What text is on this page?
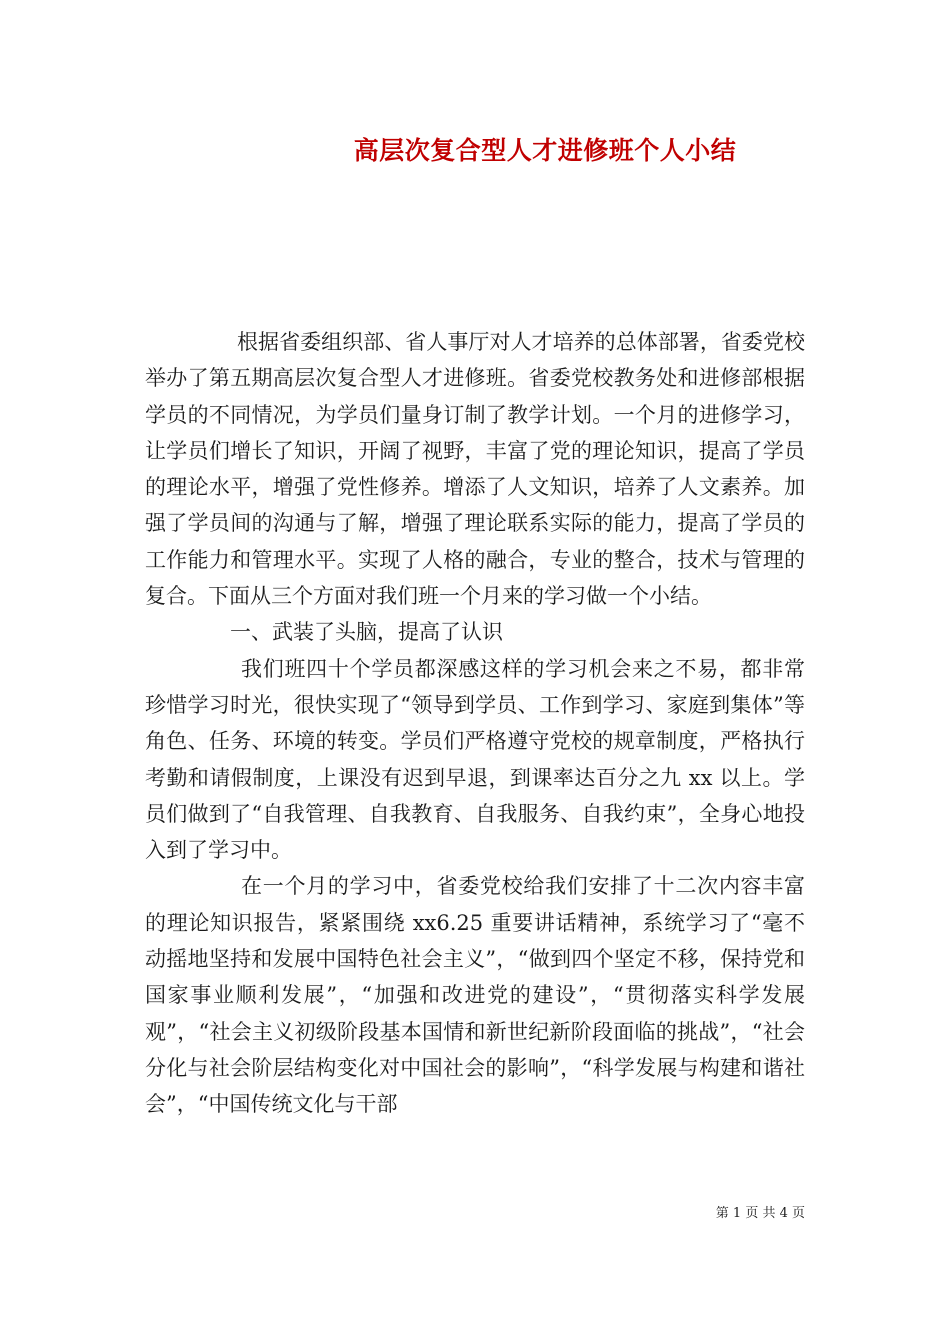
高层次复合型人才进修班个人小结

根据省委组织部、省人事厅对人才培养的总体部署，省委党校举办了第五期高层次复合型人才进修班。省委党校教务处和进修部根据学员的不同情况，为学员们量身订制了教学计划。一个月的进修学习，让学员们增长了知识，开阔了视野，丰富了党的理论知识，提高了学员的理论水平，增强了党性修养。增添了人文知识，培养了人文素养。加强了学员间的沟通与了解，增强了理论联系实际的能力，提高了学员的工作能力和管理水平。实现了人格的融合，专业的整合，技术与管理的复合。下面从三个方面对我们班一个月来的学习做一个小结。

一、武装了头脑，提高了认识

我们班四十个学员都深感这样的学习机会来之不易，都非常珍惜学习时光，很快实现了“领导到学员、工作到学习、家庭到集体”等角色、任务、环境的转变。学员们严格遵守党校的规章制度，严格执行考勤和请假制度，上课没有迟到早退，到课率达百分之九 xx 以上。学员们做到了“自我管理、自我教育、自我服务、自我约束”，全身心地投入到了学习中。

在一个月的学习中，省委党校给我们安排了十二次内容丰富的理论知识报告，紧紧围绕 xx6.25 重要讲话精神，系统学习了“毫不动摇地坚持和发展中国特色社会主义”，“做到四个坚定不移，保持党和国家事业顺利发展”，“加强和改进党的建设”，“贯彻落实科学发展观”，“社会主义初级阶段基本国情和新世纪新阶段面临的挑战”，“社会分化与社会阶层结构变化对中国社会的影响”，“科学发展与构建和谐社会”，“中国传统文化与干部

第 1 页 共 4 页
